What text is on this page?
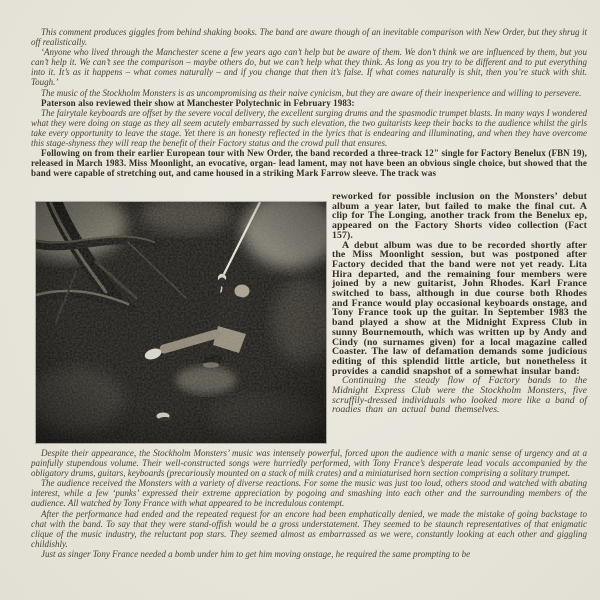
This comment produces giggles from behind shaking books. The band are aware though of an inevitable comparison with New Order, but they shrug it off realistically.

‘Anyone who lived through the Manchester scene a few years ago can’t help but be aware of them. We don’t think we are influenced by them, but you can’t help it. We can’t see the comparison – maybe others do, but we can’t help what they think. As long as you try to be different and to put everything into it. It’s as it happens – what comes naturally – and if you change that then it’s false. If what comes naturally is shit, then you’re stuck with shit. Tough.’

The music of the Stockholm Monsters is as uncompromising as their naive cynicism, but they are aware of their inexperience and willing to persevere.

Paterson also reviewed their show at Manchester Polytechnic in February 1983:

The fairytale keyboards are offset by the severe vocal delivery, the excellent surging drums and the spasmodic trumpet blasts. In many ways I wondered what they were doing on stage as they all seem acutely embarrassed by such elevation, the two guitarists keep their backs to the audience whilst the girls take every opportunity to leave the stage. Yet there is an honesty reflected in the lyrics that is endearing and illuminating, and when they have overcome this stage-shyness they will reap the benefit of their Factory status and the crowd pull that ensures.

Following on from their earlier European tour with New Order, the band recorded a three-track 12" single for Factory Benelux (FBN 19), released in March 1983. Miss Moonlight, an evocative, organ- lead lament, may not have been an obvious single choice, but showed that the band were capable of stretching out, and came housed in a striking Mark Farrow sleeve. The track was

reworked for possible inclusion on the Monsters’ debut album a year later, but failed to make the final cut. A clip for The Longing, another track from the Benelux ep, appeared on the Factory Shorts video collection (Fact 157).

A debut album was due to be recorded shortly after the Miss Moonlight session, but was postponed after Factory decided that the band were not yet ready. Lita Hira departed, and the remaining four members were joined by a new guitarist, John Rhodes. Karl France switched to bass, although in due course both Rhodes and France would play occasional keyboards onstage, and Tony France took up the guitar. In September 1983 the band played a show at the Midnight Express Club in sunny Bournemouth, which was written up by Andy and Cindy (no surnames given) for a local magazine called Coaster. The law of defamation demands some judicious editing of this splendid little article, but nonetheless it provides a candid snapshot of a somewhat insular band:

Continuing the steady flow of Factory bands to the Midnight Express Club were the Stockholm Monsters, five scruffily-dressed individuals who looked more like a band of roadies than an actual band themselves.

Despite their appearance, the Stockholm Monsters’ music was intensely powerful, forced upon the audience with a manic sense of urgency and at a painfully stupendous volume. Their well-constructed songs were hurriedly performed, with Tony France’s desperate lead vocals accompanied by the obligatory drums, guitars, keyboards (precariously mounted on a stack of milk crates) and a miniaturised horn section comprising a solitary trumpet.

The audience received the Monsters with a variety of diverse reactions. For some the music was just too loud, others stood and watched with abating interest, while a few ‘punks’ expressed their extreme appreciation by pogoing and smashing into each other and the surrounding members of the audience. All watched by Tony France with what appeared to be incredulous contempt.

After the performance had ended and the repeated request for an encore had been emphatically denied, we made the mistake of going backstage to chat with the band. To say that they were stand-offish would be a gross understatement. They seemed to be staunch representatives of that enigmatic clique of the music industry, the reluctant pop stars. They seemed almost as embarrassed as we were, constantly looking at each other and giggling childishly.

Just as singer Tony France needed a bomb under him to get him moving onstage, he required the same prompting to be
